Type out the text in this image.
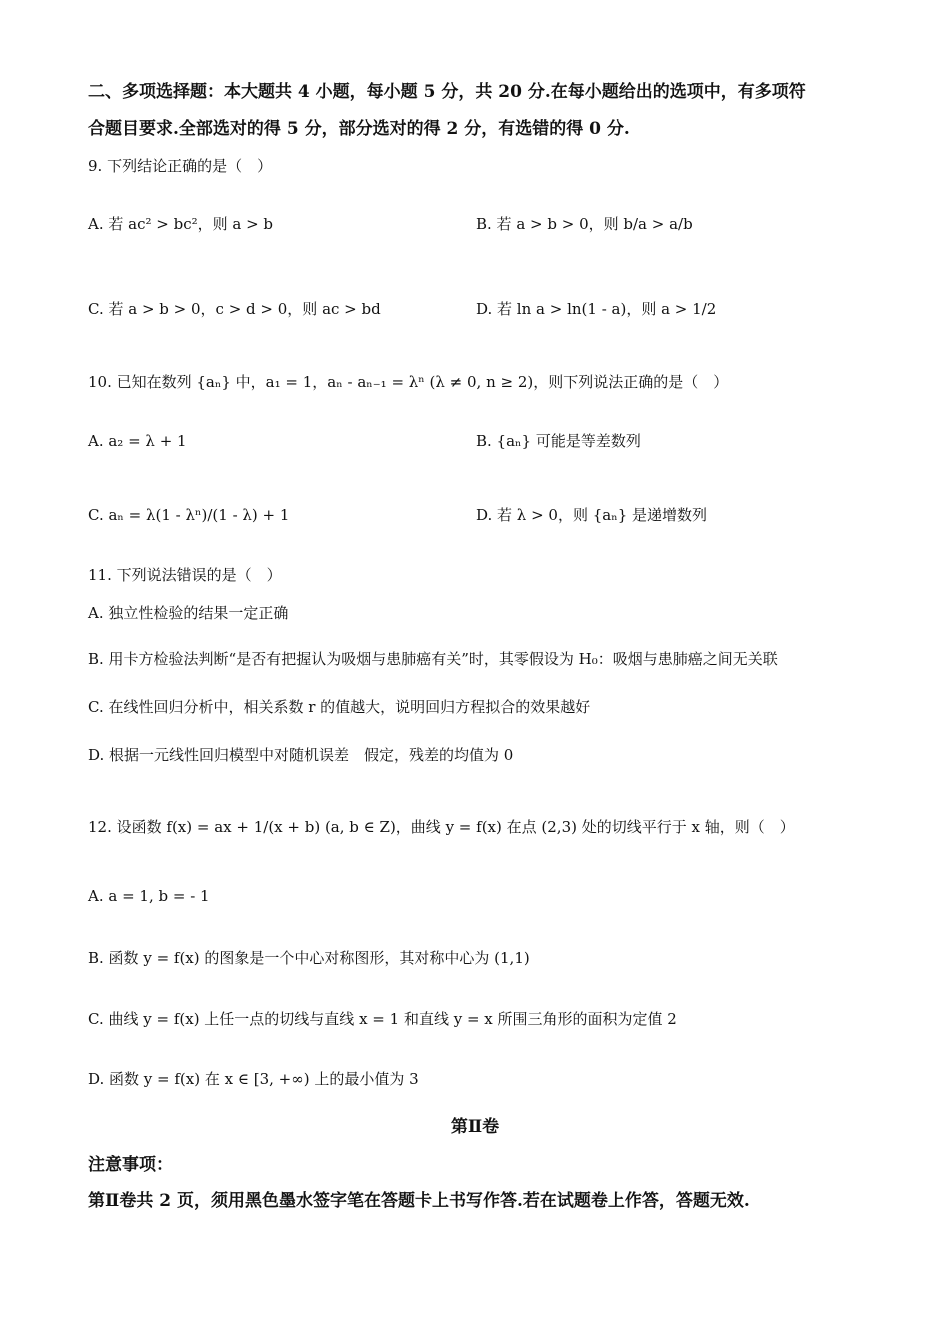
二、多项选择题：本大题共 4 小题，每小题 5 分，共 20 分.在每小题给出的选项中，有多项符
合题目要求.全部选对的得 5 分，部分选对的得 2 分，有选错的得 0 分.
9. 下列结论正确的是（　）
A. 若 ac² > bc²，则 a > b	B. 若 a > b > 0，则 b/a > a/b
C. 若 a > b > 0，c > d > 0，则 ac > bd	D. 若 ln a > ln(1 - a)，则 a > 1/2
10. 已知在数列 {aₙ} 中，a₁ = 1，aₙ - aₙ₋₁ = λⁿ (λ ≠ 0, n ≥ 2)，则下列说法正确的是（　）
A. a₂ = λ + 1	B. {aₙ} 可能是等差数列
C. aₙ = λ(1 - λⁿ)/(1 - λ) + 1	D. 若 λ > 0，则 {aₙ} 是递增数列
11. 下列说法错误的是（　）
A. 独立性检验的结果一定正确
B. 用卡方检验法判断“是否有把握认为吸烟与患肺癌有关”时，其零假设为 H₀：吸烟与患肺癌之间无关联
C. 在线性回归分析中，相关系数 r 的值越大，说明回归方程拟合的效果越好
D. 根据一元线性回归模型中对随机误差　假定，残差的均值为 0
12. 设函数 f(x) = ax + 1/(x + b) (a, b ∈ Z)，曲线 y = f(x) 在点 (2,3) 处的切线平行于 x 轴，则（　）
A. a = 1, b = - 1
B. 函数 y = f(x) 的图象是一个中心对称图形，其对称中心为 (1,1)
C. 曲线 y = f(x) 上任一点的切线与直线 x = 1 和直线 y = x 所围三角形的面积为定值 2
D. 函数 y = f(x) 在 x ∈ [3, +∞) 上的最小值为 3
第Ⅱ卷
注意事项：
第Ⅱ卷共 2 页，须用黑色墨水签字笔在答题卡上书写作答.若在试题卷上作答，答题无效.
